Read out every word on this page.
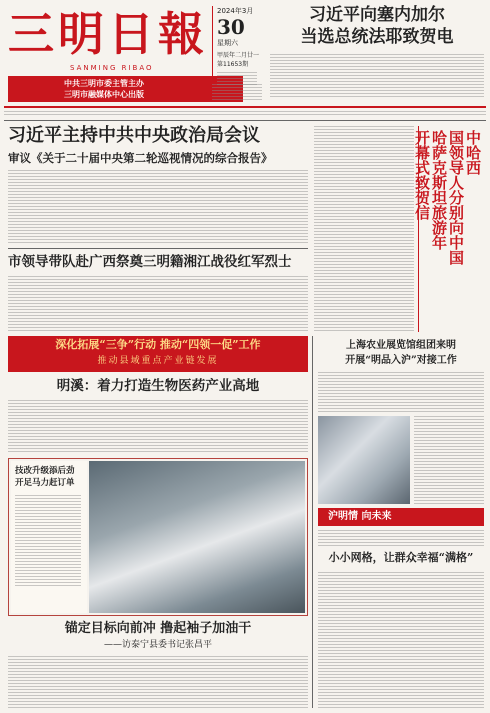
三明日報
SANMING RIBAO
中共三明市委主管主办
三明市融媒体中心出版
2024年3月
30
星期六
甲辰年二月廿一
第11653期
习近平向塞内加尔
当选总统法耶致贺电
习近平主持中共中央政治局会议
审议《关于二十届中央第二轮巡视情况的综合报告》
市领导带队赴广西祭奠三明籍湘江战役红军烈士
中哈西
国领导人分别向中国
哈萨克斯坦旅游年
开幕式致贺信
深化拓展“三争”行动 推动“四领一促”工作
推动县域重点产业链发展
明溪：着力打造生物医药产业高地
技改升级添后劲
开足马力赶订单
锚定目标向前冲 撸起袖子加油干
——访泰宁县委书记张昌平
上海农业展览馆组团来明
开展“明品入沪”对接工作
沪明情 向未来
小小网格，让群众幸福“满格”
